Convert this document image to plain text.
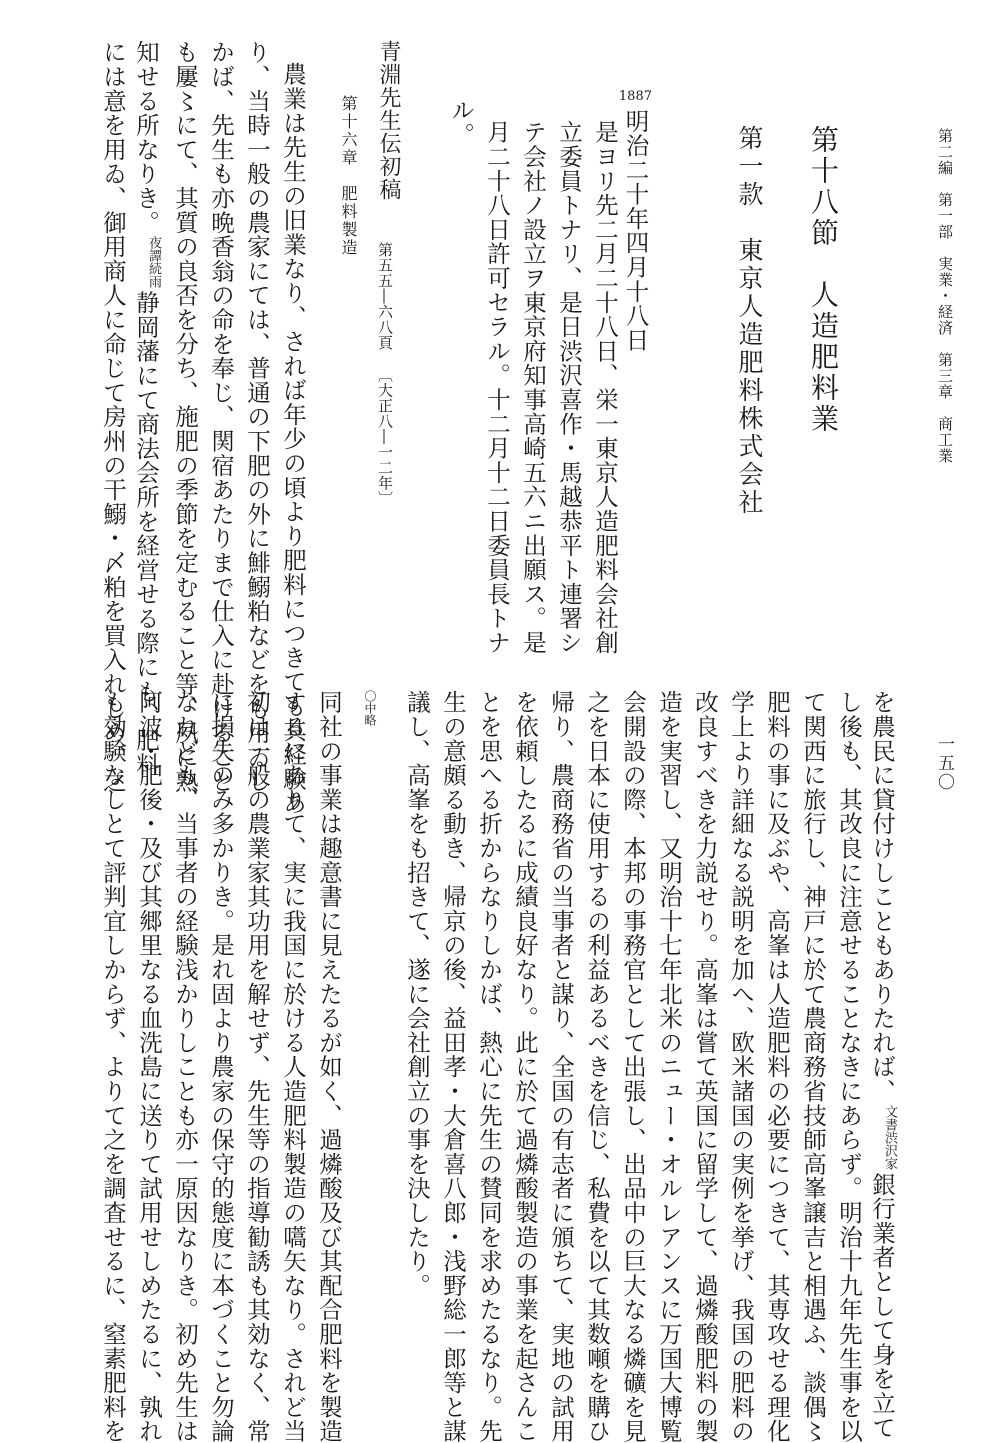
第二編　第一部　実業・経済　第三章　商工業
一五〇
第十八節　人造肥料業
第一款　東京人造肥料株式会社
1887明治二十年四月十八日
是ヨリ先二月二十八日、栄一東京人造肥料会社創
立委員トナリ、是日渋沢喜作・馬越恭平ト連署シ
テ会社ノ設立ヲ東京府知事高崎五六ニ出願ス。是
月二十八日許可セラル。十二月十二日委員長トナ
ル。
青淵先生伝初稿
第五五―六八頁
〔大正八―一二年〕
第十六章　肥料製造
農業は先生の旧業なり、されば年少の頃より肥料につきても其経験あ
り、当時一般の農家にては、普通の下肥の外に鯡鰯粕などをも用ゐし
かば、先生も亦晩香翁の命を奉じ、関宿あたりまで仕入に赴けること
も屢〻にて、其質の良否を分ち、施肥の季節を定むること等、夙に熟
知せる所なりき。
続雨
夜譚
静岡藩にて商法会所を経営せる際にも、肥料
には意を用ゐ、御用商人に命じて房州の干鰯・〆粕を買入れしめ、之
を農民に貸付けしこともありたれば、
渋沢家
文書
銀行業者として身を立て
し後も、其改良に注意せることなきにあらず。明治十九年先生事を以
て関西に旅行し、神戸に於て農商務省技師高峯譲吉と相遇ふ、談偶〻
肥料の事に及ぶや、高峯は人造肥料の必要につきて、其専攻せる理化
学上より詳細なる説明を加へ、欧米諸国の実例を挙げ、我国の肥料の
改良すべきを力説せり。高峯は嘗て英国に留学して、過燐酸肥料の製
造を実習し、又明治十七年北米のニュー・オルレアンスに万国大博覧
会開設の際、本邦の事務官として出張し、出品中の巨大なる燐礦を見
之を日本に使用するの利益あるべきを信じ、私費を以て其数噸を購ひ
帰り、農商務省の当事者と謀り、全国の有志者に頒ちて、実地の試用
を依頼したるに成績良好なり。此に於て過燐酸製造の事業を起さんこ
とを思へる折からなりしかば、熱心に先生の賛同を求めたるなり。先
生の意頗る動き、帰京の後、益田孝・大倉喜八郎・浅野総一郎等と謀
議し、高峯をも招きて、遂に会社創立の事を決したり。
〇中略
同社の事業は趣意書に見えたるが如く、過燐酸及び其配合肥料を製造
するにありて、実に我国に於ける人造肥料製造の嚆矢なり。されど当
初は一般の農業家其功用を解せず、先生等の指導勧誘も其効なく、常
に損失のみ多かりき。是れ固より農家の保守的態度に本づくこと勿論
なれども、当事者の経験浅かりしことも亦一原因なりき。初め先生は
阿波・肥後・及び其郷里なる血洗島に送りて試用せしめたるに、孰れ
も効験なしとて評判宜しからず、よりて之を調査せるに、窒素肥料を
